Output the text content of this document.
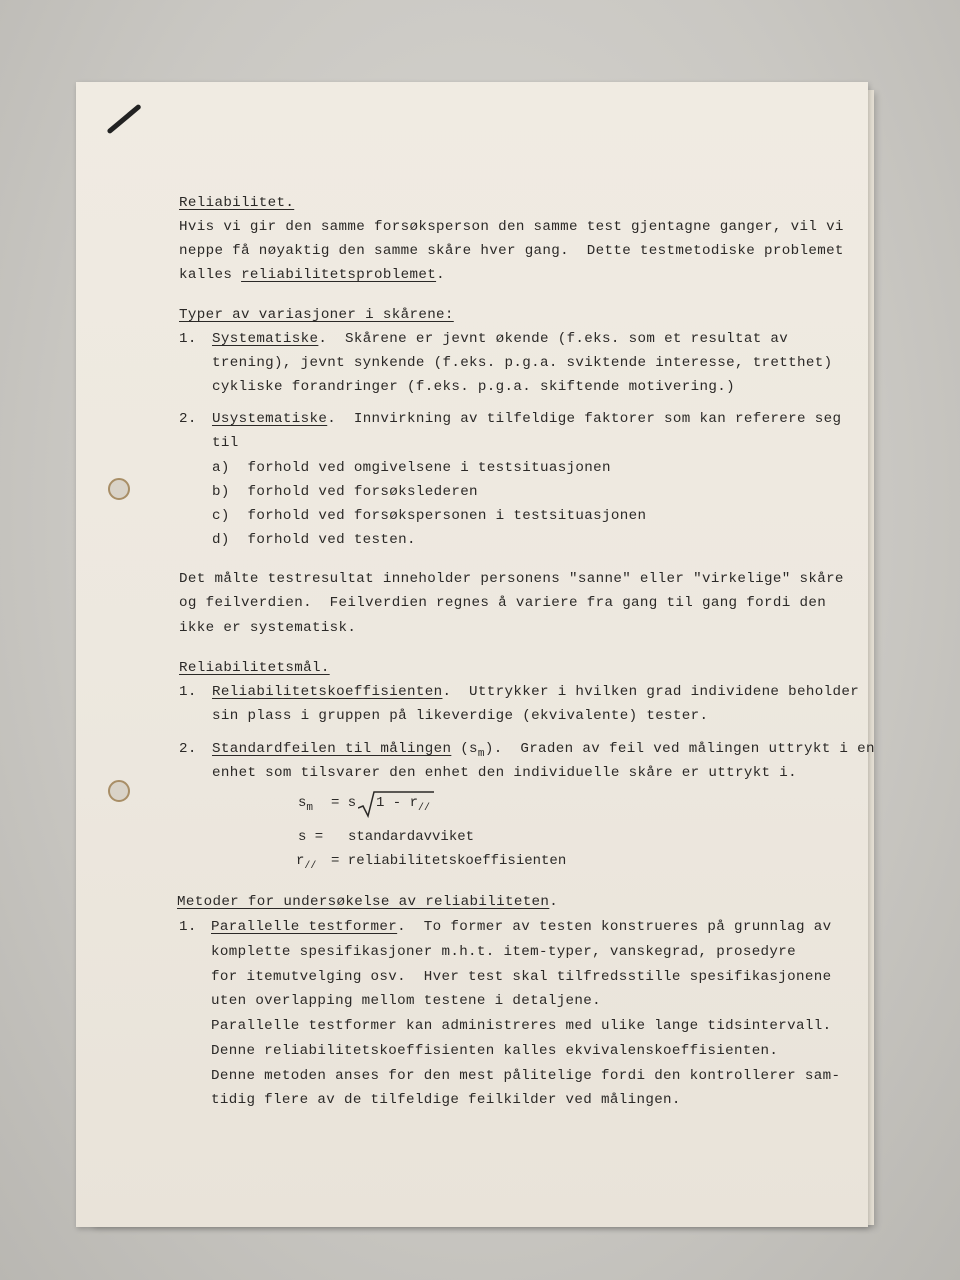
Reliabilitet.
Hvis vi gir den samme forsøksperson den samme test gjentagne ganger, vil vi
neppe få nøyaktig den samme skåre hver gang.  Dette testmetodiske problemet
kalles reliabilitetsproblemet.
Typer av variasjoner i skårene:
1. Systematiske.  Skårene er jevnt økende (f.eks. som et resultat av
trening), jevnt synkende (f.eks. p.g.a. sviktende interesse, tretthet)
cykliske forandringer (f.eks. p.g.a. skiftende motivering.)
2. Usystematiske.  Innvirkning av tilfeldige faktorer som kan referere seg
til
a)  forhold ved omgivelsene i testsituasjonen
b)  forhold ved forsøkslederen
c)  forhold ved forsøkspersonen i testsituasjonen
d)  forhold ved testen.
Det målte testresultat inneholder personens "sanne" eller "virkelige" skåre
og feilverdien.  Feilverdien regnes å variere fra gang til gang fordi den
ikke er systematisk.
Reliabilitetsmål.
1. Reliabilitetskoeffisienten.  Uttrykker i hvilken grad individene beholder
sin plass i gruppen på likeverdige (ekvivalente) tester.
2. Standardfeilen til målingen $(s_m)$.  Graden av feil ved målingen uttrykt i en
enhet som tilsvarer den enhet den individuelle skåre er uttrykt i.
$s_m = s$ $1 - r_{//}$
s = standardavviket
$r_{//}$ = reliabilitetskoeffisienten
Metoder for undersøkelse av reliabiliteten.
1. Parallelle testformer.  To former av testen konstrueres på grunnlag av
komplette spesifikasjoner m.h.t. item-typer, vanskegrad, prosedyre
for itemutvelging osv.  Hver test skal tilfredsstille spesifikasjonene
uten overlapping mellom testene i detaljene.
Parallelle testformer kan administreres med ulike lange tidsintervall.
Denne reliabilitetskoeffisienten kalles ekvivalenskoeffisienten.
Denne metoden anses for den mest pålitelige fordi den kontrollerer sam-
tidig flere av de tilfeldige feilkilder ved målingen.
